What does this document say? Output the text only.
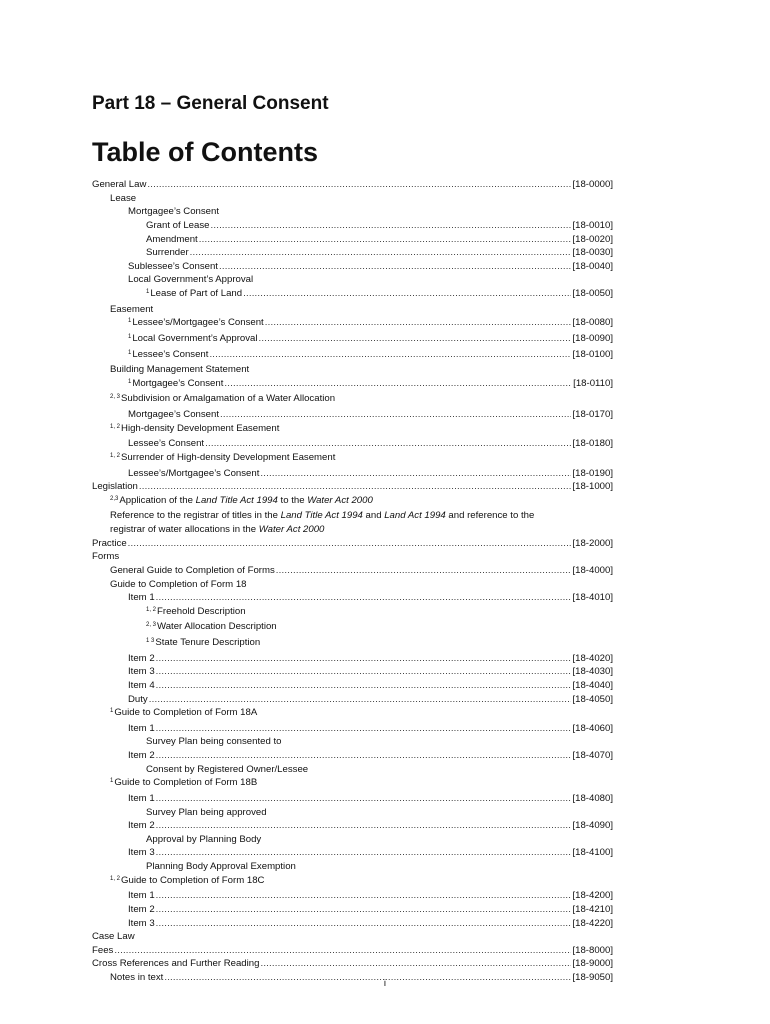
Part 18 – General Consent
Table of Contents
General Law .....	[18-0000]
Lease
Mortgagee’s Consent
Grant of Lease .....	[18-0010]
Amendment .....	[18-0020]
Surrender .....	[18-0030]
Sublessee’s Consent .....	[18-0040]
Local Government’s Approval
1 Lease of Part of Land .....	[18-0050]
Easement
1 Lessee’s/Mortgagee’s Consent .....	[18-0080]
1 Local Government’s Approval .....	[18-0090]
1 Lessee’s Consent .....	[18-0100]
Building Management Statement
1 Mortgagee’s Consent .....	[18-0110]
2, 3 Subdivision or Amalgamation of a Water Allocation
Mortgagee’s Consent .....	[18-0170]
1, 2 High-density Development Easement
Lessee’s Consent .....	[18-0180]
1, 2 Surrender of High-density Development Easement
Lessee’s/Mortgagee’s Consent .....	[18-0190]
Legislation .....	[18-1000]
2,3 Application of the Land Title Act 1994 to the Water Act 2000
Reference to the registrar of titles in the Land Title Act 1994 and Land Act 1994 and reference to the
registrar of water allocations in the Water Act 2000
Practice .....	[18-2000]
Forms
General Guide to Completion of Forms .....	[18-4000]
Guide to Completion of Form 18
Item 1 .....	[18-4010]
1, 2 Freehold Description
2, 3 Water Allocation Description
1 3 State Tenure Description
Item 2 .....	[18-4020]
Item 3 .....	[18-4030]
Item 4 .....	[18-4040]
Duty .....	[18-4050]
1 Guide to Completion of Form 18A
Item 1 .....	[18-4060]
Survey Plan being consented to
Item 2 .....	[18-4070]
Consent by Registered Owner/Lessee
1 Guide to Completion of Form 18B
Item 1 .....	[18-4080]
Survey Plan being approved
Item 2 .....	[18-4090]
Approval by Planning Body
Item 3 .....	[18-4100]
Planning Body Approval Exemption
1, 2 Guide to Completion of Form 18C
Item 1 .....	[18-4200]
Item 2 .....	[18-4210]
Item 3 .....	[18-4220]
Case Law
Fees .....	[18-8000]
Cross References and Further Reading .....	[18-9000]
Notes in text .....	[18-9050]
i
